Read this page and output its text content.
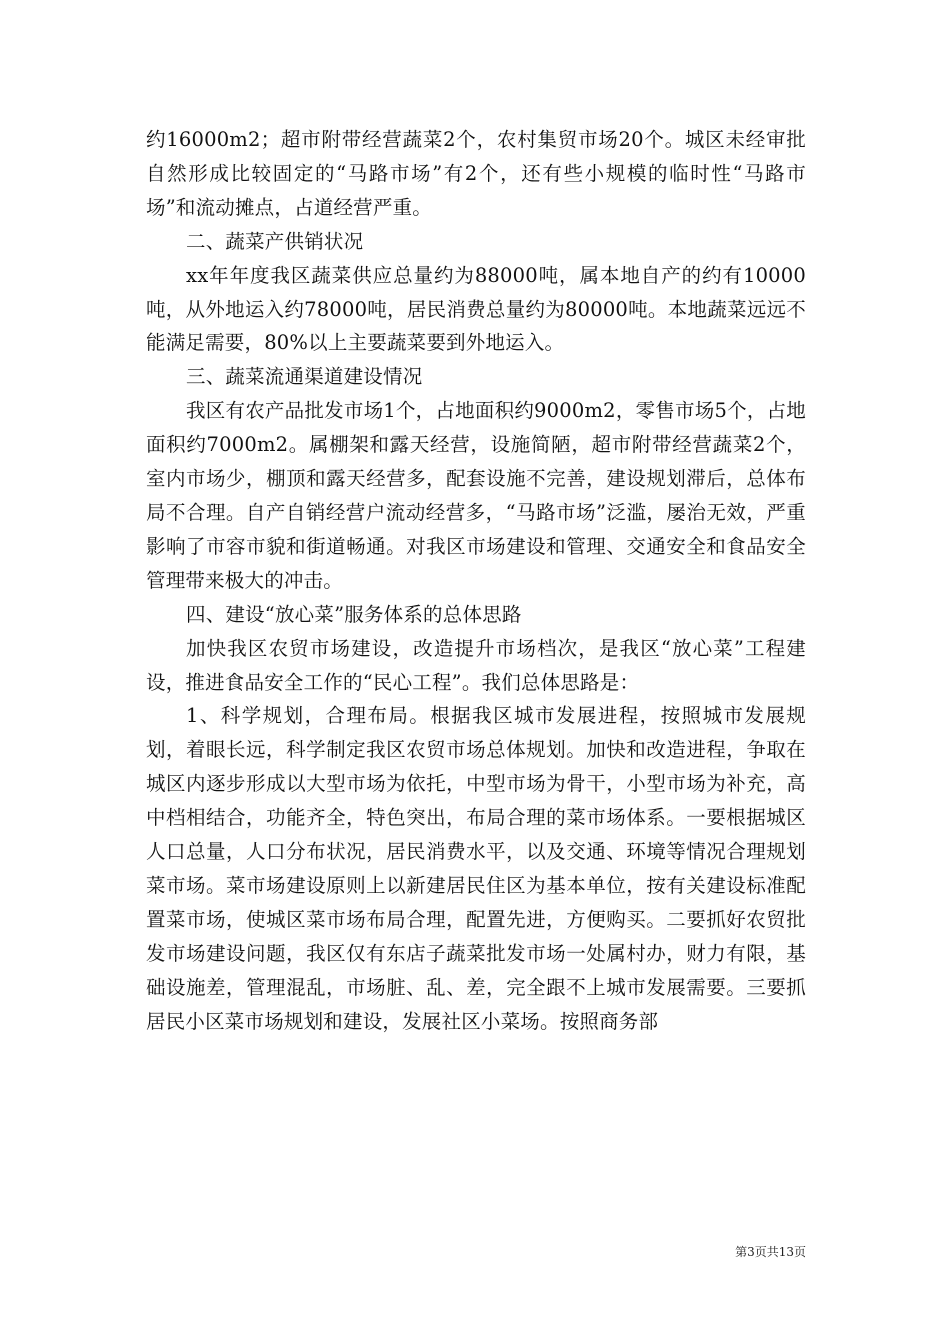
约16000m2；超市附带经营蔬菜2个，农村集贸市场20个。城区未经审批自然形成比较固定的“马路市场”有2个，还有些小规模的临时性“马路市场”和流动摊点，占道经营严重。

二、蔬菜产供销状况

xx年年度我区蔬菜供应总量约为88000吨，属本地自产的约有10000吨，从外地运入约78000吨，居民消费总量约为80000吨。本地蔬菜远远不能满足需要，80%以上主要蔬菜要到外地运入。

三、蔬菜流通渠道建设情况

我区有农产品批发市场1个，占地面积约9000m2，零售市场5个，占地面积约7000m2。属棚架和露天经营，设施简陋，超市附带经营蔬菜2个，室内市场少，棚顶和露天经营多，配套设施不完善，建设规划滞后，总体布局不合理。自产自销经营户流动经营多，“马路市场”泛滥，屡治无效，严重影响了市容市貌和街道畅通。对我区市场建设和管理、交通安全和食品安全管理带来极大的冲击。

四、建设“放心菜”服务体系的总体思路

加快我区农贸市场建设，改造提升市场档次，是我区“放心菜”工程建设，推进食品安全工作的“民心工程”。我们总体思路是：

1、科学规划，合理布局。根据我区城市发展进程，按照城市发展规划，着眼长远，科学制定我区农贸市场总体规划。加快和改造进程，争取在城区内逐步形成以大型市场为依托，中型市场为骨干，小型市场为补充，高中档相结合，功能齐全，特色突出，布局合理的菜市场体系。一要根据城区人口总量，人口分布状况，居民消费水平，以及交通、环境等情况合理规划菜市场。菜市场建设原则上以新建居民住区为基本单位，按有关建设标准配置菜市场，使城区菜市场布局合理，配置先进，方便购买。二要抓好农贸批发市场建设问题，我区仅有东店子蔬菜批发市场一处属村办，财力有限，基础设施差，管理混乱，市场脏、乱、差，完全跟不上城市发展需要。三要抓居民小区菜市场规划和建设，发展社区小菜场。按照商务部

第3页共13页
